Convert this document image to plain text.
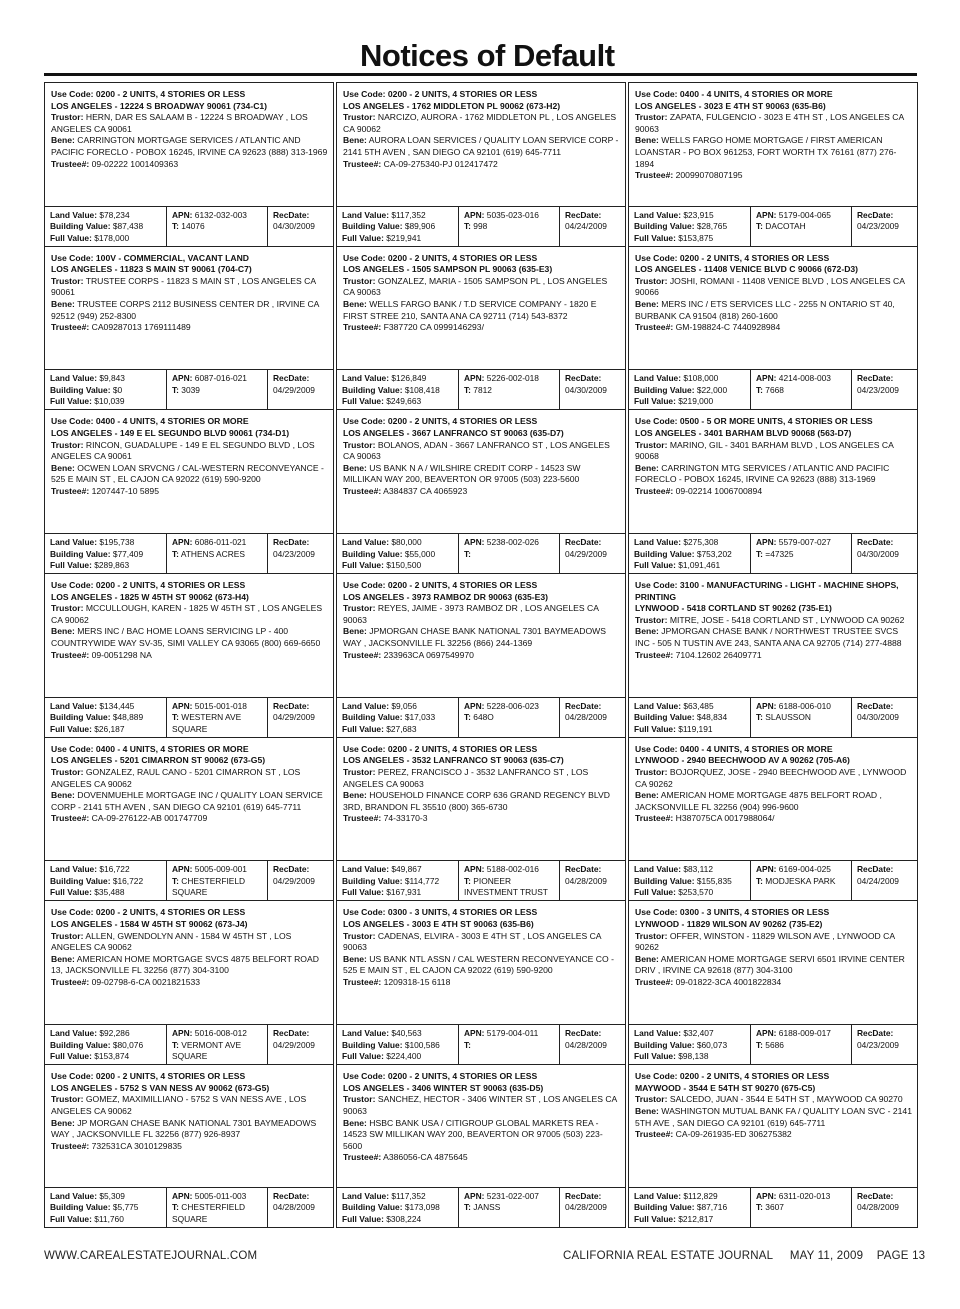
Notices of Default
Use Code: 0200 - 2 UNITS, 4 STORIES OR LESS
LOS ANGELES - 12224 S BROADWAY 90061 (734-C1)

Trustor: HERN, DAR ES SALAAM B - 12224 S BROADWAY , LOS ANGELES CA 90061

Bene: CARRINGTON MORTGAGE SERVICES / ATLANTIC AND PACIFIC FORECLO - POBOX 16245, IRVINE CA 92623 (888) 313-1969

Trustee#: 09-02222 1001409363

Land Value: $78,234
Building Value: $87,438
Full Value: $178,000
APN: 6132-032-003
T: 14076
RecDate:
04/30/2009
Use Code: 0200 - 2 UNITS, 4 STORIES OR LESS
LOS ANGELES - 1762 MIDDLETON PL 90062 (673-H2)

Trustor: NARCIZO, AURORA - 1762 MIDDLETON PL , LOS ANGELES CA 90062

Bene: AURORA LOAN SERVICES / QUALITY LOAN SERVICE CORP - 2141 5TH AVEN , SAN DIEGO CA 92101 (619) 645-7711

Trustee#: CA-09-275340-PJ 012417472

Land Value: $117,352
Building Value: $89,906
Full Value: $219,941
APN: 5035-023-016
T: 998
RecDate:
04/24/2009
Use Code: 0400 - 4 UNITS, 4 STORIES OR MORE
LOS ANGELES - 3023 E 4TH ST 90063 (635-B6)

Trustor: ZAPATA, FULGENCIO - 3023 E 4TH ST , LOS ANGELES CA 90063

Bene: WELLS FARGO HOME MORTGAGE / FIRST AMERICAN LOANSTAR - PO BOX 961253, FORT WORTH TX 76161 (877) 276-1894

Trustee#: 20099070807195

Land Value: $23,915
Building Value: $28,765
Full Value: $153,875
APN: 5179-004-065
T: DACOTAH
RecDate:
04/23/2009
Use Code: 100V - COMMERCIAL, VACANT LAND
LOS ANGELES - 11823 S MAIN ST 90061 (704-C7)

Trustor: TRUSTEE CORPS - 11823 S MAIN ST , LOS ANGELES CA 90061

Bene: TRUSTEE CORPS 2112 BUSINESS CENTER DR , IRVINE CA 92512 (949) 252-8300

Trustee#: CA09287013 1769111489

Land Value: $9,843
Building Value: $0
Full Value: $10,039
APN: 6087-016-021
T: 3039
RecDate:
04/29/2009
Use Code: 0200 - 2 UNITS, 4 STORIES OR LESS
LOS ANGELES - 1505 SAMPSON PL 90063 (635-E3)

Trustor: GONZALEZ, MARIA - 1505 SAMPSON PL , LOS ANGELES CA 90063

Bene: WELLS FARGO BANK / T.D SERVICE COMPANY - 1820 E FIRST STREE 210, SANTA ANA CA 92711 (714) 543-8372

Trustee#: F387720 CA 0999146293/

Land Value: $126,849
Building Value: $108,418
Full Value: $249,663
APN: 5226-002-018
T: 7812
RecDate:
04/30/2009
Use Code: 0200 - 2 UNITS, 4 STORIES OR LESS
LOS ANGELES - 11408 VENICE BLVD C 90066 (672-D3)

Trustor: JOSHI, ROMANI - 11408 VENICE BLVD , LOS ANGELES CA 90066

Bene: MERS INC / ETS SERVICES LLC - 2255 N ONTARIO ST 40, BURBANK CA 91504 (818) 260-1600

Trustee#: GM-198824-C 7440928984

Land Value: $108,000
Building Value: $22,000
Full Value: $219,000
APN: 4214-008-003
T: 7668
RecDate:
04/23/2009
Use Code: 0400 - 4 UNITS, 4 STORIES OR MORE
LOS ANGELES - 149 E EL SEGUNDO BLVD 90061 (734-D1)

Trustor: RINCON, GUADALUPE - 149 E EL SEGUNDO BLVD , LOS ANGELES CA 90061

Bene: OCWEN LOAN SRVCNG / CAL-WESTERN RECONVEYANCE - 525 E MAIN ST , EL CAJON CA 92022 (619) 590-9200

Trustee#: 1207447-10 5895

Land Value: $195,738
Building Value: $77,409
Full Value: $289,863
APN: 6086-011-021
T: ATHENS ACRES
RecDate:
04/23/2009
Use Code: 0200 - 2 UNITS, 4 STORIES OR LESS
LOS ANGELES - 3667 LANFRANCO ST 90063 (635-D7)

Trustor: BOLANOS, ADAN - 3667 LANFRANCO ST , LOS ANGELES CA 90063

Bene: US BANK N A / WILSHIRE CREDIT CORP - 14523 SW MILLIKAN WAY 200, BEAVERTON OR 97005 (503) 223-5600

Trustee#: A384837 CA 4065923

Land Value: $80,000
Building Value: $55,000
Full Value: $150,500
APN: 5238-002-026
T:
RecDate:
04/29/2009
Use Code: 0500 - 5 OR MORE UNITS, 4 STORIES OR LESS
LOS ANGELES - 3401 BARHAM BLVD 90068 (563-D7)

Trustor: MARINO, GIL - 3401 BARHAM BLVD , LOS ANGELES CA 90068

Bene: CARRINGTON MTG SERVICES / ATLANTIC AND PACIFIC FORECLO - POBOX 16245, IRVINE CA 92623 (888) 313-1969

Trustee#: 09-02214 1006700894

Land Value: $275,308
Building Value: $753,202
Full Value: $1,091,461
APN: 5579-007-027
T: =47325
RecDate:
04/30/2009
Use Code: 0200 - 2 UNITS, 4 STORIES OR LESS
LOS ANGELES - 1825 W 45TH ST 90062 (673-H4)

Trustor: MCCULLOUGH, KAREN - 1825 W 45TH ST , LOS ANGELES CA 90062

Bene: MERS INC / BAC HOME LOANS SERVICING LP - 400 COUNTRYWIDE WAY SV-35, SIMI VALLEY CA 93065 (800) 669-6650

Trustee#: 09-0051298 NA

Land Value: $134,445
Building Value: $48,889
Full Value: $26,187
APN: 5015-001-018
T: WESTERN AVE SQUARE
RecDate:
04/29/2009
Use Code: 0200 - 2 UNITS, 4 STORIES OR LESS
LOS ANGELES - 3973 RAMBOZ DR 90063 (635-E3)

Trustor: REYES, JAIME - 3973 RAMBOZ DR , LOS ANGELES CA 90063

Bene: JPMORGAN CHASE BANK NATIONAL 7301 BAYMEADOWS WAY , JACKSONVILLE FL 32256 (866) 244-1369

Trustee#: 233963CA 0697549970

Land Value: $9,056
Building Value: $17,033
Full Value: $27,683
APN: 5228-006-023
T: 648O
RecDate:
04/28/2009
Use Code: 3100 - MANUFACTURING - LIGHT - MACHINE SHOPS, PRINTING
LYNWOOD - 5418 CORTLAND ST 90262 (735-E1)

Trustor: MITRE, JOSE - 5418 CORTLAND ST , LYNWOOD CA 90262

Bene: JPMORGAN CHASE BANK / NORTHWEST TRUSTEE SVCS INC - 505 N TUSTIN AVE 243, SANTA ANA CA 92705 (714) 277-4888

Trustee#: 7104.12602 26409771

Land Value: $63,485
Building Value: $48,834
Full Value: $119,191
APN: 6188-006-010
T: SLAUSSON
RecDate:
04/30/2009
Use Code: 0400 - 4 UNITS, 4 STORIES OR MORE
LOS ANGELES - 5201 CIMARRON ST 90062 (673-G5)

Trustor: GONZALEZ, RAUL CANO - 5201 CIMARRON ST , LOS ANGELES CA 90062

Bene: DOVENMUEHLE MORTGAGE INC / QUALITY LOAN SERVICE CORP - 2141 5TH AVEN , SAN DIEGO CA 92101 (619) 645-7711

Trustee#: CA-09-276122-AB 001747709

Land Value: $16,722
Building Value: $16,722
Full Value: $35,488
APN: 5005-009-001
T: CHESTERFIELD SQUARE
RecDate:
04/29/2009
Use Code: 0200 - 2 UNITS, 4 STORIES OR LESS
LOS ANGELES - 3532 LANFRANCO ST 90063 (635-C7)

Trustor: PEREZ, FRANCISCO J - 3532 LANFRANCO ST , LOS ANGELES CA 90063

Bene: HOUSEHOLD FINANCE CORP 636 GRAND REGENCY BLVD 3RD, BRANDON FL 35510 (800) 365-6730

Trustee#: 74-33170-3

Land Value: $49,867
Building Value: $114,772
Full Value: $167,931
APN: 5188-002-016
T: PIONEER INVESTMENT TRUST
RecDate:
04/28/2009
Use Code: 0400 - 4 UNITS, 4 STORIES OR MORE
LYNWOOD - 2940 BEECHWOOD AV A 90262 (705-A6)

Trustor: BOJORQUEZ, JOSE - 2940 BEECHWOOD AVE , LYNWOOD CA 90262

Bene: AMERICAN HOME MORTGAGE 4875 BELFORT ROAD , JACKSONVILLE FL 32256 (904) 996-9600

Trustee#: H387075CA 0017988064/

Land Value: $83,112
Building Value: $155,835
Full Value: $253,570
APN: 6169-004-025
T: MODJESKA PARK
RecDate:
04/24/2009
Use Code: 0200 - 2 UNITS, 4 STORIES OR LESS
LOS ANGELES - 1584 W 45TH ST 90062 (673-J4)

Trustor: ALLEN, GWENDOLYN ANN - 1584 W 45TH ST , LOS ANGELES CA 90062

Bene: AMERICAN HOME MORTGAGE SVCS 4875 BELFORT ROAD 13, JACKSONVILLE FL 32256 (877) 304-3100

Trustee#: 09-02798-6-CA 0021821533

Land Value: $92,286
Building Value: $80,076
Full Value: $153,874
APN: 5016-008-012
T: VERMONT AVE SQUARE
RecDate:
04/29/2009
Use Code: 0300 - 3 UNITS, 4 STORIES OR LESS
LOS ANGELES - 3003 E 4TH ST 90063 (635-B6)

Trustor: CADENAS, ELVIRA - 3003 E 4TH ST , LOS ANGELES CA 90063

Bene: US BANK NTL ASSN / CAL WESTERN RECONVEYANCE CO - 525 E MAIN ST , EL CAJON CA 92022 (619) 590-9200

Trustee#: 1209318-15 6118

Land Value: $40,563
Building Value: $100,586
Full Value: $224,400
APN: 5179-004-011
T:
RecDate:
04/28/2009
Use Code: 0300 - 3 UNITS, 4 STORIES OR LESS
LYNWOOD - 11829 WILSON AV 90262 (735-E2)

Trustor: OFFER, WINSTON - 11829 WILSON AVE , LYNWOOD CA 90262

Bene: AMERICAN HOME MORTGAGE SERVI 6501 IRVINE CENTER DRIV , IRVINE CA 92618 (877) 304-3100

Trustee#: 09-01822-3CA 4001822834

Land Value: $32,407
Building Value: $60,073
Full Value: $98,138
APN: 6188-009-017
T: 5686
RecDate:
04/23/2009
Use Code: 0200 - 2 UNITS, 4 STORIES OR LESS
LOS ANGELES - 5752 S VAN NESS AV 90062 (673-G5)

Trustor: GOMEZ, MAXIMILLIANO - 5752 S VAN NESS AVE , LOS ANGELES CA 90062

Bene: JP MORGAN CHASE BANK NATIONAL 7301 BAYMEADOWS WAY , JACKSONVILLE FL 32256 (877) 926-8937

Trustee#: 732531CA 3010129835

Land Value: $5,309
Building Value: $5,775
Full Value: $11,760
APN: 5005-011-003
T: CHESTERFIELD SQUARE
RecDate:
04/28/2009
Use Code: 0200 - 2 UNITS, 4 STORIES OR LESS
LOS ANGELES - 3406 WINTER ST 90063 (635-D5)

Trustor: SANCHEZ, HECTOR - 3406 WINTER ST , LOS ANGELES CA 90063

Bene: HSBC BANK USA / CITIGROUP GLOBAL MARKETS REA - 14523 SW MILLIKAN WAY 200, BEAVERTON OR 97005 (503) 223-5600

Trustee#: A386056-CA 4875645

Land Value: $117,352
Building Value: $173,098
Full Value: $308,224
APN: 5231-022-007
T: JANSS
RecDate:
04/28/2009
Use Code: 0200 - 2 UNITS, 4 STORIES OR LESS
MAYWOOD - 3544 E 54TH ST 90270 (675-C5)

Trustor: SALCEDO, JUAN - 3544 E 54TH ST , MAYWOOD CA 90270

Bene: WASHINGTON MUTUAL BANK FA / QUALITY LOAN SVC - 2141 5TH AVE , SAN DIEGO CA 92101 (619) 645-7711

Trustee#: CA-09-261935-ED 306275382

Land Value: $112,829
Building Value: $87,716
Full Value: $212,817
APN: 6311-020-013
T: 3607
RecDate:
04/28/2009
WWW.CAREALESTATEJOURNAL.COM	CALIFORNIA REAL ESTATE JOURNAL     MAY 11, 2009    PAGE 13
